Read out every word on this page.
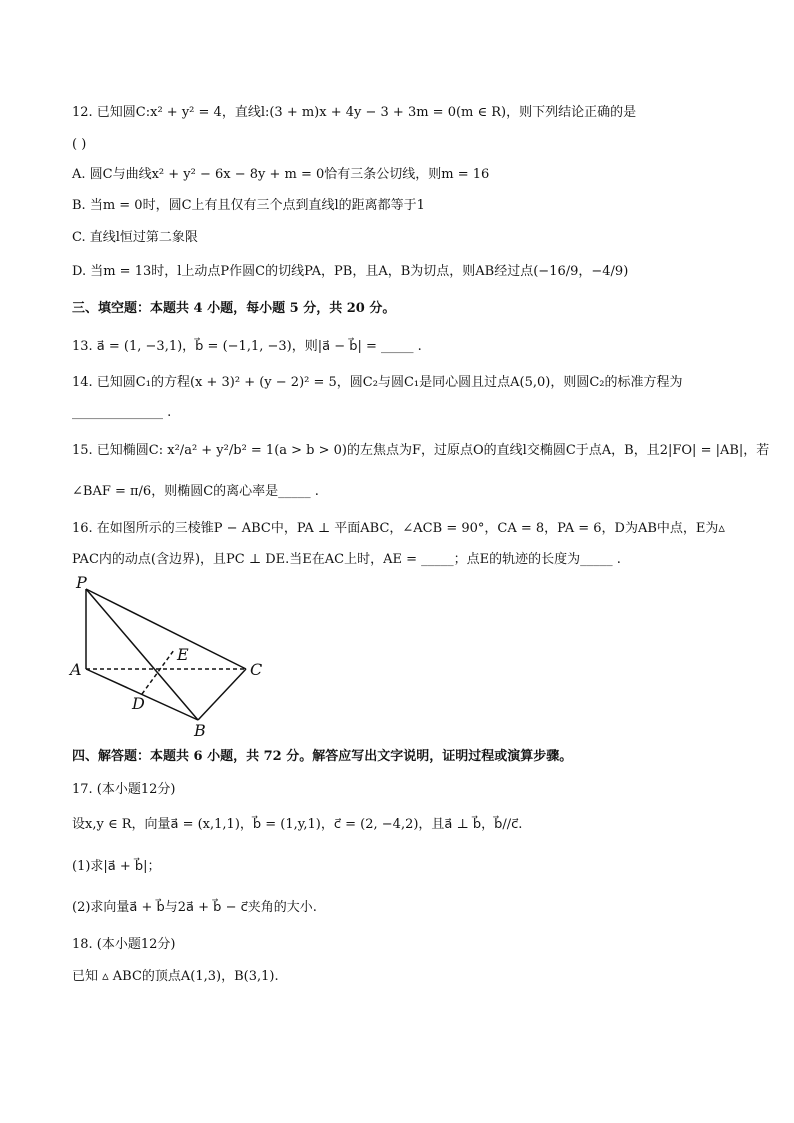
12. 已知圆C:x² + y² = 4，直线l:(3 + m)x + 4y − 3 + 3m = 0(m ∈ R)，则下列结论正确的是
( )
A. 圆C与曲线x² + y² − 6x − 8y + m = 0恰有三条公切线，则m = 16
B. 当m = 0时，圆C上有且仅有三个点到直线l的距离都等于1
C. 直线l恒过第二象限
D. 当m = 13时，l上动点P作圆C的切线PA，PB，且A，B为切点，则AB经过点(−16/9，−4/9)
三、填空题：本题共 4 小题，每小题 5 分，共 20 分。
13. a⃗ = (1, −3,1)，b⃗ = (−1,1, −3)，则|a⃗ − b⃗| = _____ .
14. 已知圆C₁的方程(x + 3)² + (y − 2)² = 5，圆C₂与圆C₁是同心圆且过点A(5,0)，则圆C₂的标准方程为
______________ .
15. 已知椭圆C: x²/a² + y²/b² = 1(a > b > 0)的左焦点为F，过原点O的直线l交椭圆C于点A，B，且2|FO| = |AB|，若
∠BAF = π/6，则椭圆C的离心率是_____ .
16. 在如图所示的三棱锥P − ABC中，PA ⊥ 平面ABC，∠ACB = 90°，CA = 8，PA = 6，D为AB中点，E为▵
PAC内的动点(含边界)，且PC ⊥ DE.当E在AC上时，AE = _____；点E的轨迹的长度为_____ .
P
A	C
E
D
B
四、解答题：本题共 6 小题，共 72 分。解答应写出文字说明，证明过程或演算步骤。
17. (本小题12分)
设x,y ∈ R，向量a⃗ = (x,1,1)，b⃗ = (1,y,1)，c⃗ = (2, −4,2)，且a⃗ ⊥ b⃗，b⃗//c⃗.
(1)求|a⃗ + b⃗|；
(2)求向量a⃗ + b⃗与2a⃗ + b⃗ − c⃗夹角的大小.
18. (本小题12分)
已知 ▵ ABC的顶点A(1,3)，B(3,1).
